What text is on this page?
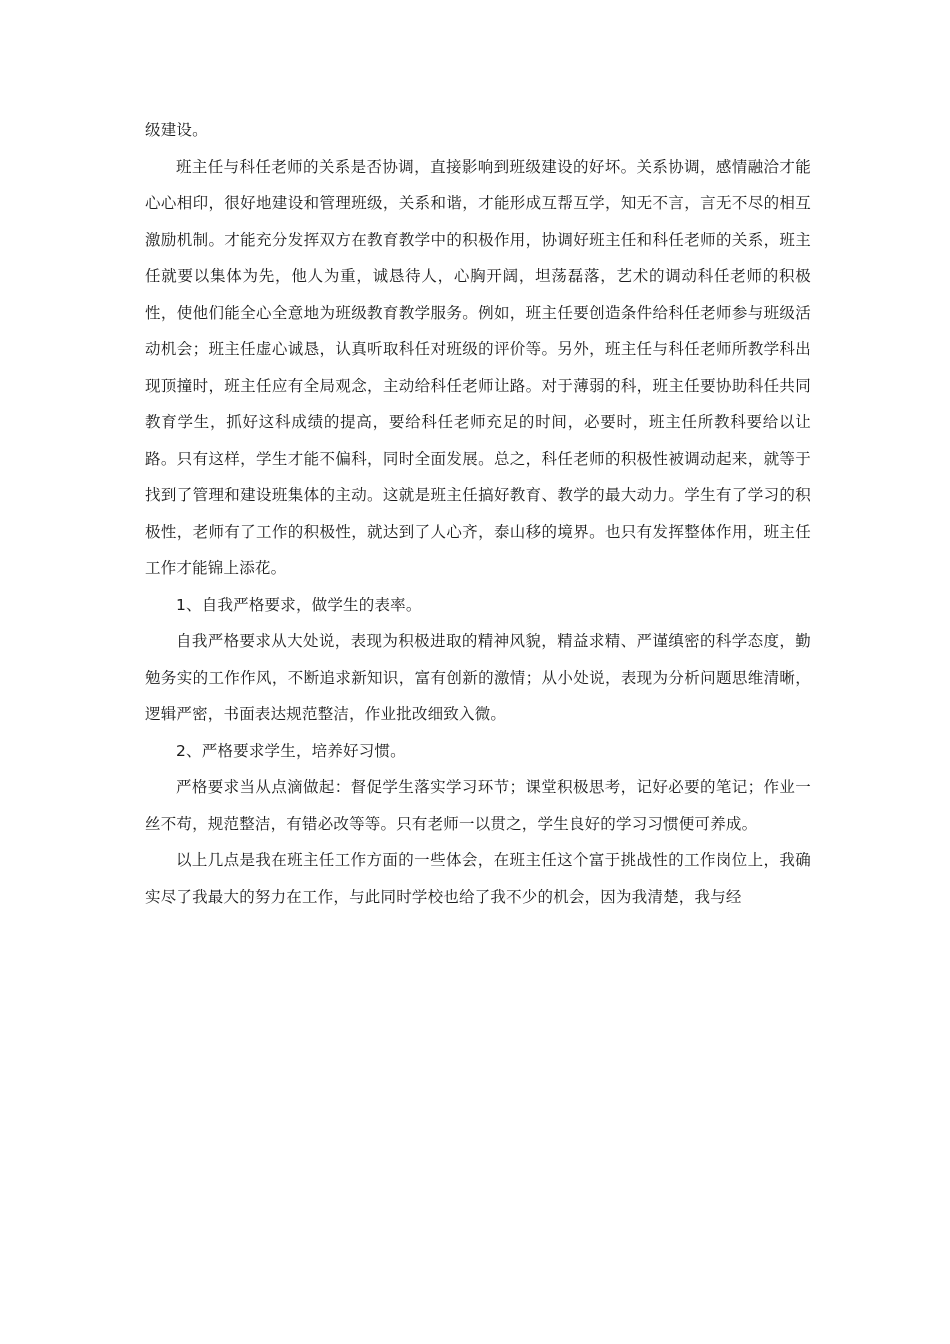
级建设。

班主任与科任老师的关系是否协调，直接影响到班级建设的好坏。关系协调，感情融洽才能心心相印，很好地建设和管理班级，关系和谐，才能形成互帮互学，知无不言，言无不尽的相互激励机制。才能充分发挥双方在教育教学中的积极作用，协调好班主任和科任老师的关系，班主任就要以集体为先，他人为重，诚恳待人，心胸开阔，坦荡磊落，艺术的调动科任老师的积极性，使他们能全心全意地为班级教育教学服务。例如，班主任要创造条件给科任老师参与班级活动机会；班主任虚心诚恳，认真听取科任对班级的评价等。另外，班主任与科任老师所教学科出现顶撞时，班主任应有全局观念，主动给科任老师让路。对于薄弱的科，班主任要协助科任共同教育学生，抓好这科成绩的提高，要给科任老师充足的时间，必要时，班主任所教科要给以让路。只有这样，学生才能不偏科，同时全面发展。总之，科任老师的积极性被调动起来，就等于找到了管理和建设班集体的主动。这就是班主任搞好教育、教学的最大动力。学生有了学习的积极性，老师有了工作的积极性，就达到了人心齐，泰山移的境界。也只有发挥整体作用，班主任工作才能锦上添花。

1、自我严格要求，做学生的表率。

自我严格要求从大处说，表现为积极进取的精神风貌，精益求精、严谨缜密的科学态度，勤勉务实的工作作风，不断追求新知识，富有创新的激情；从小处说，表现为分析问题思维清晰，逻辑严密，书面表达规范整洁，作业批改细致入微。

2、严格要求学生，培养好习惯。

严格要求当从点滴做起：督促学生落实学习环节；课堂积极思考，记好必要的笔记；作业一丝不苟，规范整洁，有错必改等等。只有老师一以贯之，学生良好的学习习惯便可养成。

以上几点是我在班主任工作方面的一些体会，在班主任这个富于挑战性的工作岗位上，我确实尽了我最大的努力在工作，与此同时学校也给了我不少的机会，因为我清楚，我与经
